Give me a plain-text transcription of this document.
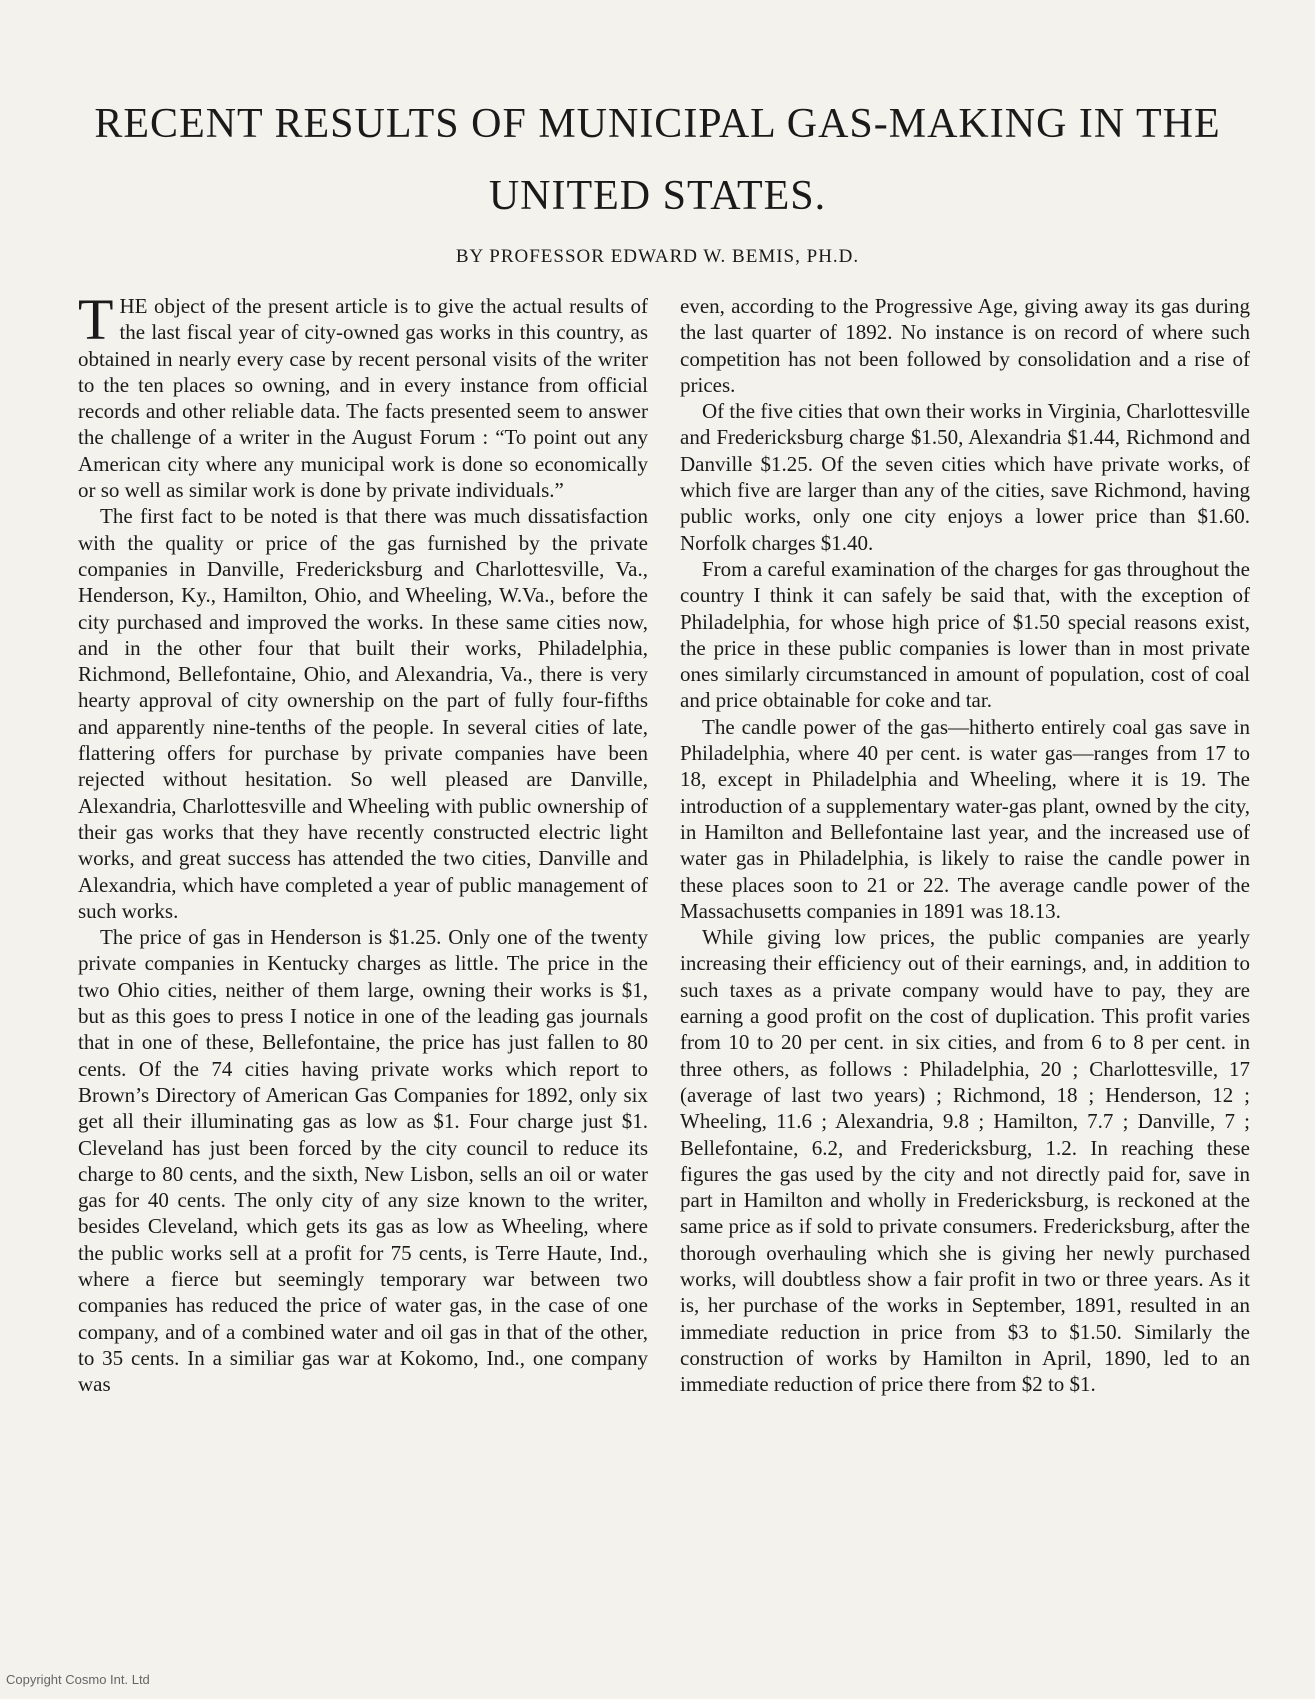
RECENT RESULTS OF MUNICIPAL GAS-MAKING IN THE
UNITED STATES.
BY PROFESSOR EDWARD W. BEMIS, PH.D.

THE object of the present article is to give the actual results of the last fiscal year of city-owned gas works in this country, as obtained in nearly every case by recent personal visits of the writer to the ten places so owning, and in every instance from official records and other reliable data. The facts presented seem to answer the challenge of a writer in the August Forum : “To point out any American city where any municipal work is done so economically or so well as similar work is done by private individuals.”

The first fact to be noted is that there was much dissatisfaction with the quality or price of the gas furnished by the private companies in Danville, Fredericksburg and Charlottesville, Va., Henderson, Ky., Hamilton, Ohio, and Wheeling, W.Va., before the city purchased and improved the works. In these same cities now, and in the other four that built their works, Philadelphia, Richmond, Bellefontaine, Ohio, and Alexandria, Va., there is very hearty approval of city ownership on the part of fully four-fifths and apparently nine-tenths of the people. In several cities of late, flattering offers for purchase by private companies have been rejected without hesitation. So well pleased are Danville, Alexandria, Charlottesville and Wheeling with public ownership of their gas works that they have recently constructed electric light works, and great success has attended the two cities, Danville and Alexandria, which have completed a year of public management of such works.

The price of gas in Henderson is $1.25. Only one of the twenty private companies in Kentucky charges as little. The price in the two Ohio cities, neither of them large, owning their works is $1, but as this goes to press I notice in one of the leading gas journals that in one of these, Bellefontaine, the price has just fallen to 80 cents. Of the 74 cities having private works which report to Brown’s Directory of American Gas Companies for 1892, only six get all their illuminating gas as low as $1. Four charge just $1. Cleveland has just been forced by the city council to reduce its charge to 80 cents, and the sixth, New Lisbon, sells an oil or water gas for 40 cents. The only city of any size known to the writer, besides Cleveland, which gets its gas as low as Wheeling, where the public works sell at a profit for 75 cents, is Terre Haute, Ind., where a fierce but seemingly temporary war between two companies has reduced the price of water gas, in the case of one company, and of a combined water and oil gas in that of the other, to 35 cents. In a similiar gas war at Kokomo, Ind., one company was

even, according to the Progressive Age, giving away its gas during the last quarter of 1892. No instance is on record of where such competition has not been followed by consolidation and a rise of prices.

Of the five cities that own their works in Virginia, Charlottesville and Fredericksburg charge $1.50, Alexandria $1.44, Richmond and Danville $1.25. Of the seven cities which have private works, of which five are larger than any of the cities, save Richmond, having public works, only one city enjoys a lower price than $1.60. Norfolk charges $1.40.

From a careful examination of the charges for gas throughout the country I think it can safely be said that, with the exception of Philadelphia, for whose high price of $1.50 special reasons exist, the price in these public companies is lower than in most private ones similarly circumstanced in amount of population, cost of coal and price obtainable for coke and tar.

The candle power of the gas—hitherto entirely coal gas save in Philadelphia, where 40 per cent. is water gas—ranges from 17 to 18, except in Philadelphia and Wheeling, where it is 19. The introduction of a supplementary water-gas plant, owned by the city, in Hamilton and Bellefontaine last year, and the increased use of water gas in Philadelphia, is likely to raise the candle power in these places soon to 21 or 22. The average candle power of the Massachusetts companies in 1891 was 18.13.

While giving low prices, the public companies are yearly increasing their efficiency out of their earnings, and, in addition to such taxes as a private company would have to pay, they are earning a good profit on the cost of duplication. This profit varies from 10 to 20 per cent. in six cities, and from 6 to 8 per cent. in three others, as follows : Philadelphia, 20 ; Charlottesville, 17 (average of last two years) ; Richmond, 18 ; Henderson, 12 ; Wheeling, 11.6 ; Alexandria, 9.8 ; Hamilton, 7.7 ; Danville, 7 ; Bellefontaine, 6.2, and Fredericksburg, 1.2. In reaching these figures the gas used by the city and not directly paid for, save in part in Hamilton and wholly in Fredericksburg, is reckoned at the same price as if sold to private consumers. Fredericksburg, after the thorough overhauling which she is giving her newly purchased works, will doubtless show a fair profit in two or three years. As it is, her purchase of the works in September, 1891, resulted in an immediate reduction in price from $3 to $1.50. Similarly the construction of works by Hamilton in April, 1890, led to an immediate reduction of price there from $2 to $1.

Copyright Cosmo Int. Ltd
